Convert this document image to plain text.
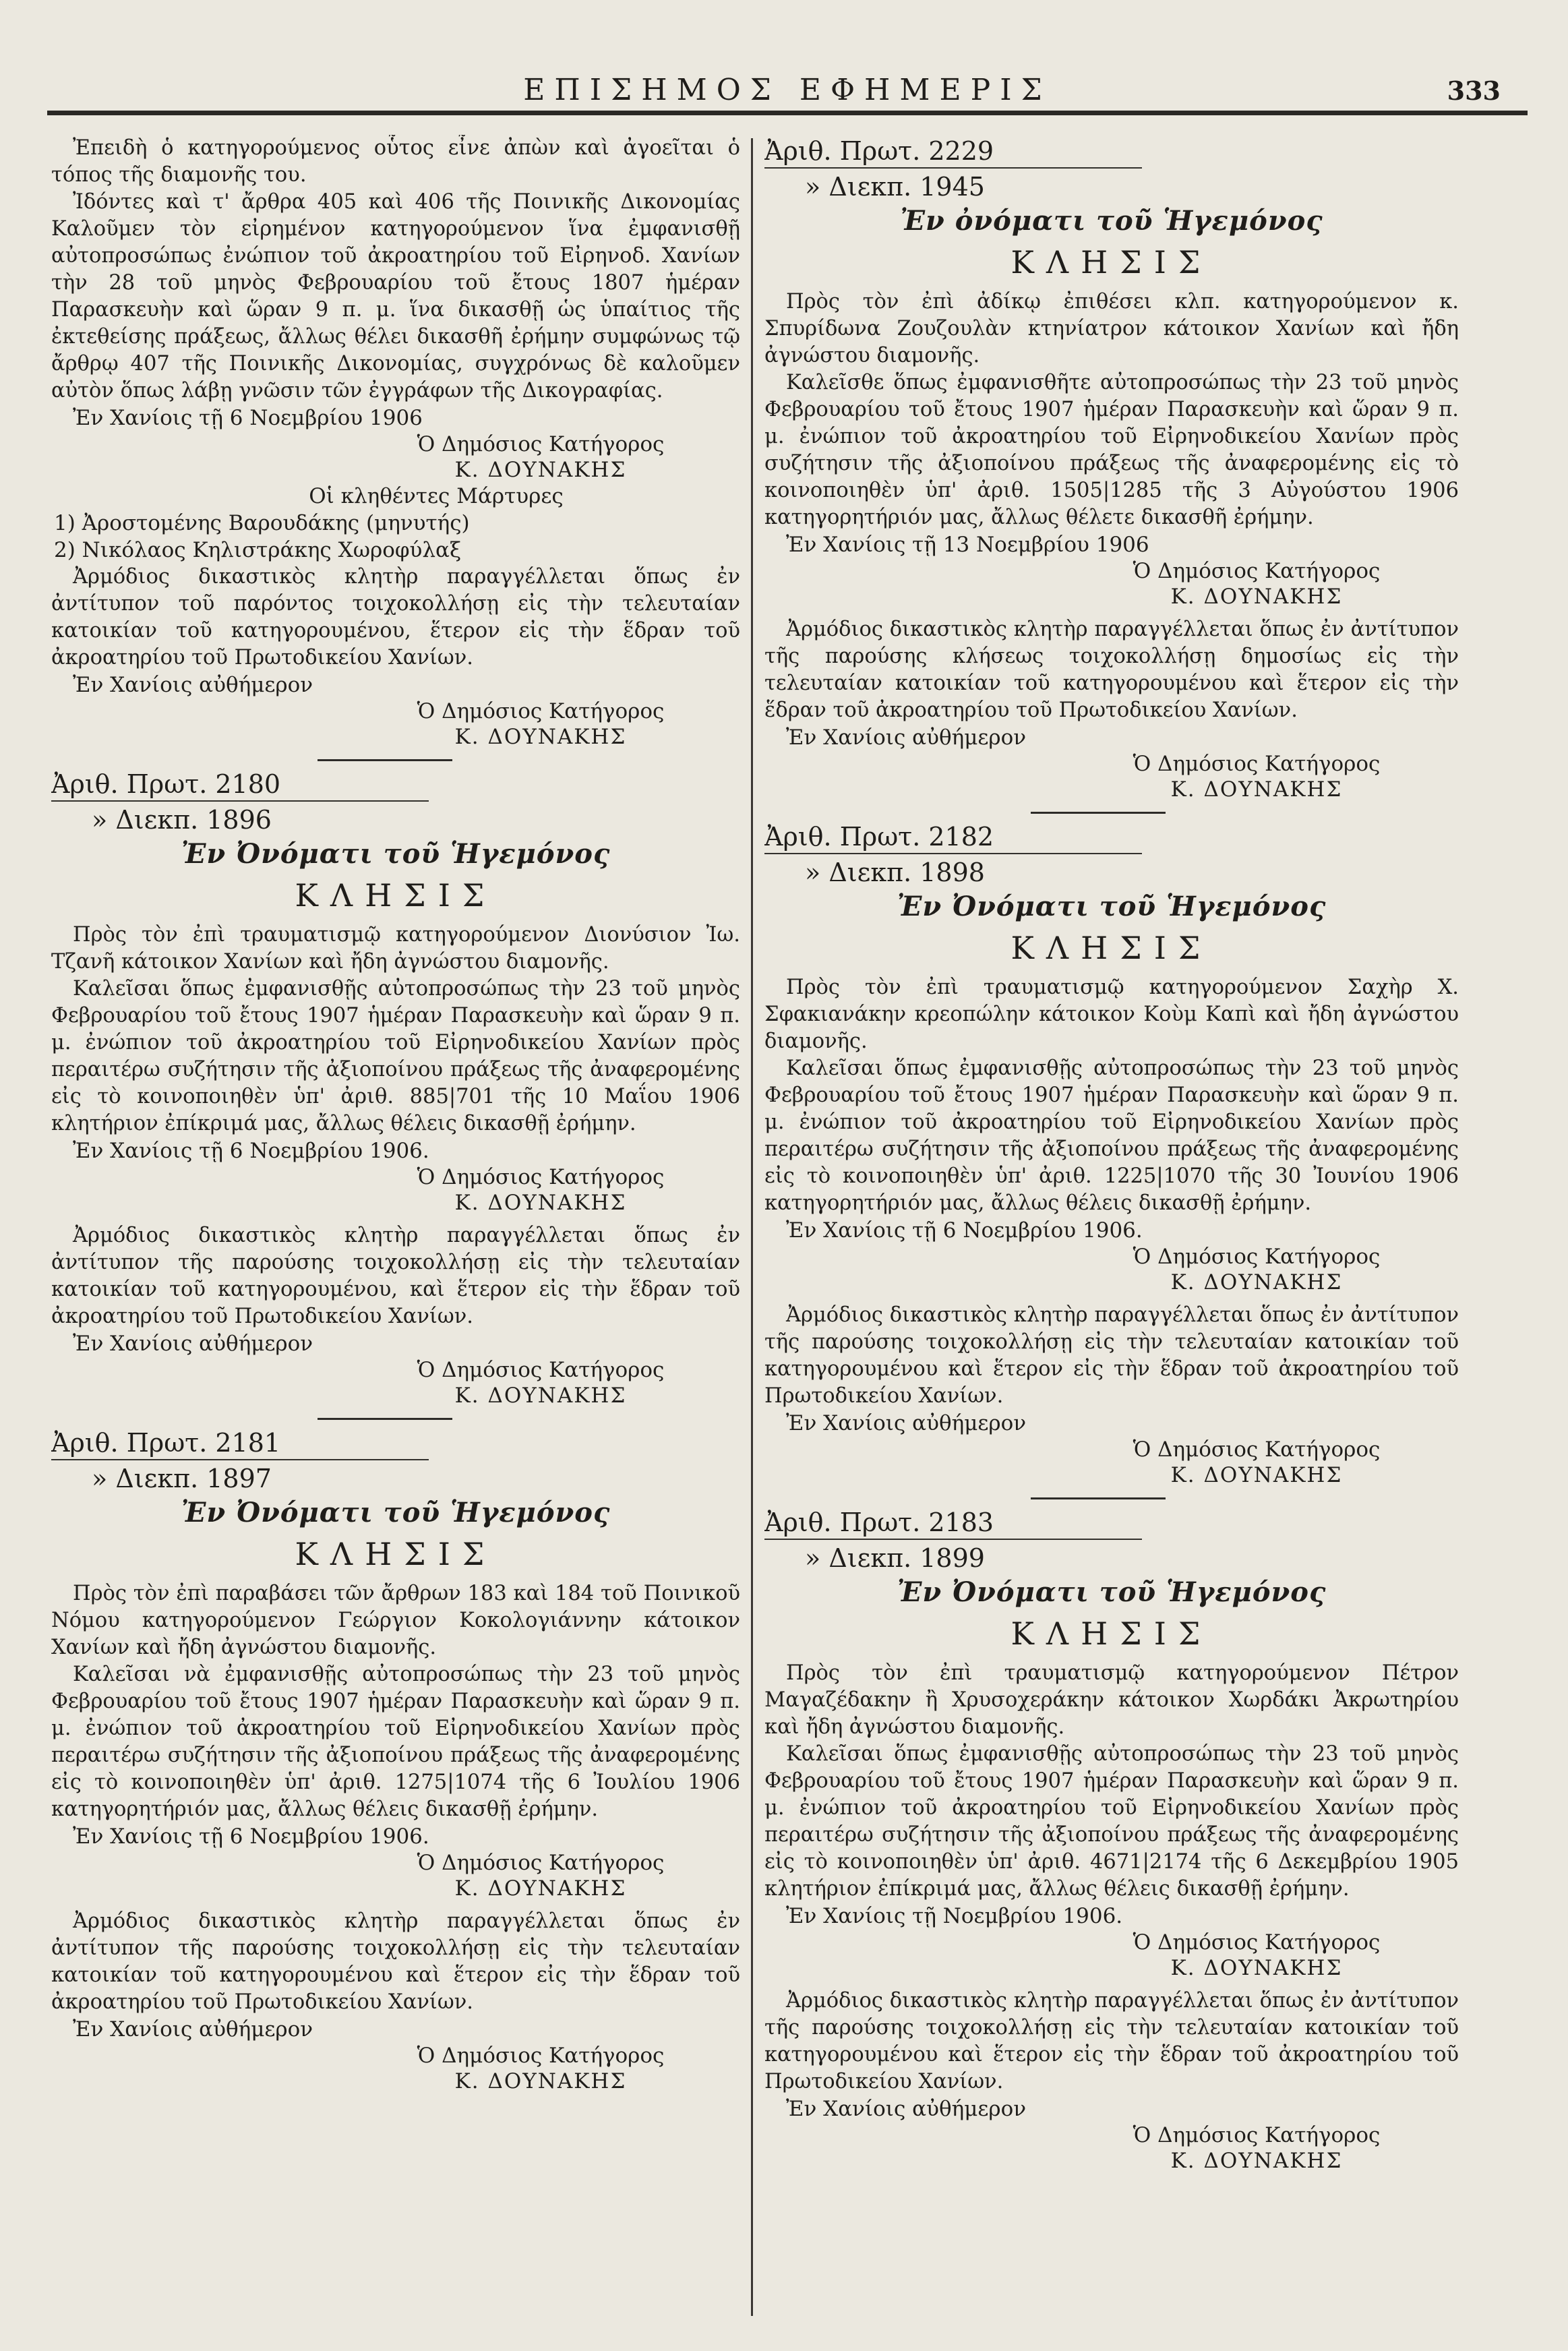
ΕΠΙΣΗΜΟΣ ΕΦΗΜΕΡΙΣ	333

Ἐπειδὴ ὁ κατηγορούμενος οὗτος εἶνε ἀπὼν καὶ ἀγοεῖται ὁ τόπος τῆς διαμονῆς του.

Ἰδόντες καὶ τ' ἄρθρα 405 καὶ 406 τῆς Ποινικῆς Δικονομίας Καλοῦμεν τὸν εἰρημένον κατηγορούμενον ἵνα ἐμφανισθῇ αὐτοπροσώπως ἐνώπιον τοῦ ἀκροατηρίου τοῦ Εἰρηνοδ. Χανίων τὴν 28 τοῦ μηνὸς Φεβρουαρίου τοῦ ἔτους 1807 ἡμέραν Παρασκευὴν καὶ ὥραν 9 π. μ. ἵνα δικασθῇ ὡς ὑπαίτιος τῆς ἐκτεθείσης πράξεως, ἄλλως θέλει δικασθῆ ἐρήμην συμφώνως τῷ ἄρθρῳ 407 τῆς Ποινικῆς Δικονομίας, συγχρόνως δὲ καλοῦμεν αὐτὸν ὅπως λάβῃ γνῶσιν τῶν ἐγγράφων τῆς Δικογραφίας.

Ἐν Χανίοις τῇ 6 Νοεμβρίου 1906

Ὁ Δημόσιος Κατήγορος
Κ. ΔΟΥΝΑΚΗΣ
Οἱ κληθέντες Μάρτυρες
1) Ἀροστομένης Βαρουδάκης (μηνυτής)
2) Νικόλαος Κηλιστράκης Χωροφύλαξ

Ἀρμόδιος δικαστικὸς κλητὴρ παραγγέλλεται ὅπως ἐν ἀντίτυπον τοῦ παρόντος τοιχοκολλήσῃ εἰς τὴν τελευταίαν κατοικίαν τοῦ κατηγορουμένου, ἕτερον εἰς τὴν ἕδραν τοῦ ἀκροατηρίου τοῦ Πρωτοδικείου Χανίων.

Ἐν Χανίοις αὐθήμερον

Ὁ Δημόσιος Κατήγορος
Κ. ΔΟΥΝΑΚΗΣ
Ἀριθ. Πρωτ. 2180
» Διεκπ. 1896
Ἐν Ὀνόματι τοῦ Ἡγεμόνος
ΚΛΗΣΙΣ

Πρὸς τὸν ἐπὶ τραυματισμῷ κατηγορούμενον Διονύσιον Ἰω. Τζανῆ κάτοικον Χανίων καὶ ἤδη ἀγνώστου διαμονῆς.

Καλεῖσαι ὅπως ἐμφανισθῇς αὐτοπροσώπως τὴν 23 τοῦ μηνὸς Φεβρουαρίου τοῦ ἔτους 1907 ἡμέραν Παρασκευὴν καὶ ὥραν 9 π. μ. ἐνώπιον τοῦ ἀκροατηρίου τοῦ Εἰρηνοδικείου Χανίων πρὸς περαιτέρω συζήτησιν τῆς ἀξιοποίνου πράξεως τῆς ἀναφερομένης εἰς τὸ κοινοποιηθὲν ὑπ' ἀριθ. 885|701 τῆς 10 Μαΐου 1906 κλητήριον ἐπίκριμά μας, ἄλλως θέλεις δικασθῇ ἐρήμην.

Ἐν Χανίοις τῇ 6 Νοεμβρίου 1906.

Ὁ Δημόσιος Κατήγορος
Κ. ΔΟΥΝΑΚΗΣ

Ἀρμόδιος δικαστικὸς κλητὴρ παραγγέλλεται ὅπως ἐν ἀντίτυπον τῆς παρούσης τοιχοκολλήσῃ εἰς τὴν τελευταίαν κατοικίαν τοῦ κατηγορουμένου, καὶ ἕτερον εἰς τὴν ἕδραν τοῦ ἀκροατηρίου τοῦ Πρωτοδικείου Χανίων.

Ἐν Χανίοις αὐθήμερον

Ὁ Δημόσιος Κατήγορος
Κ. ΔΟΥΝΑΚΗΣ
Ἀριθ. Πρωτ. 2181
» Διεκπ. 1897
Ἐν Ὀνόματι τοῦ Ἡγεμόνος
ΚΛΗΣΙΣ

Πρὸς τὸν ἐπὶ παραβάσει τῶν ἄρθρων 183 καὶ 184 τοῦ Ποινικοῦ Νόμου κατηγορούμενον Γεώργιον Κοκολογιάννην κάτοικον Χανίων καὶ ἤδη ἀγνώστου διαμονῆς.

Καλεῖσαι νὰ ἐμφανισθῇς αὐτοπροσώπως τὴν 23 τοῦ μηνὸς Φεβρουαρίου τοῦ ἔτους 1907 ἡμέραν Παρασκευὴν καὶ ὥραν 9 π. μ. ἐνώπιον τοῦ ἀκροατηρίου τοῦ Εἰρηνοδικείου Χανίων πρὸς περαιτέρω συζήτησιν τῆς ἀξιοποίνου πράξεως τῆς ἀναφερομένης εἰς τὸ κοινοποιηθὲν ὑπ' ἀριθ. 1275|1074 τῆς 6 Ἰουλίου 1906 κατηγορητήριόν μας, ἄλλως θέλεις δικασθῇ ἐρήμην.

Ἐν Χανίοις τῇ 6 Νοεμβρίου 1906.

Ὁ Δημόσιος Κατήγορος
Κ. ΔΟΥΝΑΚΗΣ

Ἀρμόδιος δικαστικὸς κλητὴρ παραγγέλλεται ὅπως ἐν ἀντίτυπον τῆς παρούσης τοιχοκολλήσῃ εἰς τὴν τελευταίαν κατοικίαν τοῦ κατηγορουμένου καὶ ἕτερον εἰς τὴν ἕδραν τοῦ ἀκροατηρίου τοῦ Πρωτοδικείου Χανίων.

Ἐν Χανίοις αὐθήμερον

Ὁ Δημόσιος Κατήγορος
Κ. ΔΟΥΝΑΚΗΣ
Ἀριθ. Πρωτ. 2229
» Διεκπ. 1945
Ἐν ὀνόματι τοῦ Ἡγεμόνος
ΚΛΗΣΙΣ

Πρὸς τὸν ἐπὶ ἀδίκῳ ἐπιθέσει κλπ. κατηγορούμενον κ. Σπυρίδωνα Ζουζουλὰν κτηνίατρον κάτοικον Χανίων καὶ ἤδη ἀγνώστου διαμονῆς.

Καλεῖσθε ὅπως ἐμφανισθῆτε αὐτοπροσώπως τὴν 23 τοῦ μηνὸς Φεβρουαρίου τοῦ ἔτους 1907 ἡμέραν Παρασκευὴν καὶ ὥραν 9 π. μ. ἐνώπιον τοῦ ἀκροατηρίου τοῦ Εἰρηνοδικείου Χανίων πρὸς συζήτησιν τῆς ἀξιοποίνου πράξεως τῆς ἀναφερομένης εἰς τὸ κοινοποιηθὲν ὑπ' ἀριθ. 1505|1285 τῆς 3 Αὐγούστου 1906 κατηγορητήριόν μας, ἄλλως θέλετε δικασθῆ ἐρήμην.

Ἐν Χανίοις τῇ 13 Νοεμβρίου 1906

Ὁ Δημόσιος Κατήγορος
Κ. ΔΟΥΝΑΚΗΣ

Ἀρμόδιος δικαστικὸς κλητὴρ παραγγέλλεται ὅπως ἐν ἀντίτυπον τῆς παρούσης κλήσεως τοιχοκολλήσῃ δημοσίως εἰς τὴν τελευταίαν κατοικίαν τοῦ κατηγορουμένου καὶ ἕτερον εἰς τὴν ἕδραν τοῦ ἀκροατηρίου τοῦ Πρωτοδικείου Χανίων.

Ἐν Χανίοις αὐθήμερον

Ὁ Δημόσιος Κατήγορος
Κ. ΔΟΥΝΑΚΗΣ
Ἀριθ. Πρωτ. 2182
» Διεκπ. 1898
Ἐν Ὀνόματι τοῦ Ἡγεμόνος
ΚΛΗΣΙΣ

Πρὸς τὸν ἐπὶ τραυματισμῷ κατηγορούμενον Σαχὴρ Χ. Σφακιανάκην κρεοπώλην κάτοικον Κοὺμ Καπὶ καὶ ἤδη ἀγνώστου διαμονῆς.

Καλεῖσαι ὅπως ἐμφανισθῇς αὐτοπροσώπως τὴν 23 τοῦ μηνὸς Φεβρουαρίου τοῦ ἔτους 1907 ἡμέραν Παρασκευὴν καὶ ὥραν 9 π. μ. ἐνώπιον τοῦ ἀκροατηρίου τοῦ Εἰρηνοδικείου Χανίων πρὸς περαιτέρω συζήτησιν τῆς ἀξιοποίνου πράξεως τῆς ἀναφερομένης εἰς τὸ κοινοποιηθὲν ὑπ' ἀριθ. 1225|1070 τῆς 30 Ἰουνίου 1906 κατηγορητήριόν μας, ἄλλως θέλεις δικασθῇ ἐρήμην.

Ἐν Χανίοις τῇ 6 Νοεμβρίου 1906.

Ὁ Δημόσιος Κατήγορος
Κ. ΔΟΥΝΑΚΗΣ

Ἀρμόδιος δικαστικὸς κλητὴρ παραγγέλλεται ὅπως ἐν ἀντίτυπον τῆς παρούσης τοιχοκολλήσῃ εἰς τὴν τελευταίαν κατοικίαν τοῦ κατηγορουμένου καὶ ἕτερον εἰς τὴν ἕδραν τοῦ ἀκροατηρίου τοῦ Πρωτοδικείου Χανίων.

Ἐν Χανίοις αὐθήμερον

Ὁ Δημόσιος Κατήγορος
Κ. ΔΟΥΝΑΚΗΣ
Ἀριθ. Πρωτ. 2183
» Διεκπ. 1899
Ἐν Ὀνόματι τοῦ Ἡγεμόνος
ΚΛΗΣΙΣ

Πρὸς τὸν ἐπὶ τραυματισμῷ κατηγορούμενον Πέτρον Μαγαζέδακην ἢ Χρυσοχεράκην κάτοικον Χωρδάκι Ἀκρωτηρίου καὶ ἤδη ἀγνώστου διαμονῆς.

Καλεῖσαι ὅπως ἐμφανισθῇς αὐτοπροσώπως τὴν 23 τοῦ μηνὸς Φεβρουαρίου τοῦ ἔτους 1907 ἡμέραν Παρασκευὴν καὶ ὥραν 9 π. μ. ἐνώπιον τοῦ ἀκροατηρίου τοῦ Εἰρηνοδικείου Χανίων πρὸς περαιτέρω συζήτησιν τῆς ἀξιοποίνου πράξεως τῆς ἀναφερομένης εἰς τὸ κοινοποιηθὲν ὑπ' ἀριθ. 4671|2174 τῆς 6 Δεκεμβρίου 1905 κλητήριον ἐπίκριμά μας, ἄλλως θέλεις δικασθῇ ἐρήμην.

Ἐν Χανίοις τῇ Νοεμβρίου 1906.

Ὁ Δημόσιος Κατήγορος
Κ. ΔΟΥΝΑΚΗΣ

Ἀρμόδιος δικαστικὸς κλητὴρ παραγγέλλεται ὅπως ἐν ἀντίτυπον τῆς παρούσης τοιχοκολλήσῃ εἰς τὴν τελευταίαν κατοικίαν τοῦ κατηγορουμένου καὶ ἕτερον εἰς τὴν ἕδραν τοῦ ἀκροατηρίου τοῦ Πρωτοδικείου Χανίων.

Ἐν Χανίοις αὐθήμερον

Ὁ Δημόσιος Κατήγορος
Κ. ΔΟΥΝΑΚΗΣ
